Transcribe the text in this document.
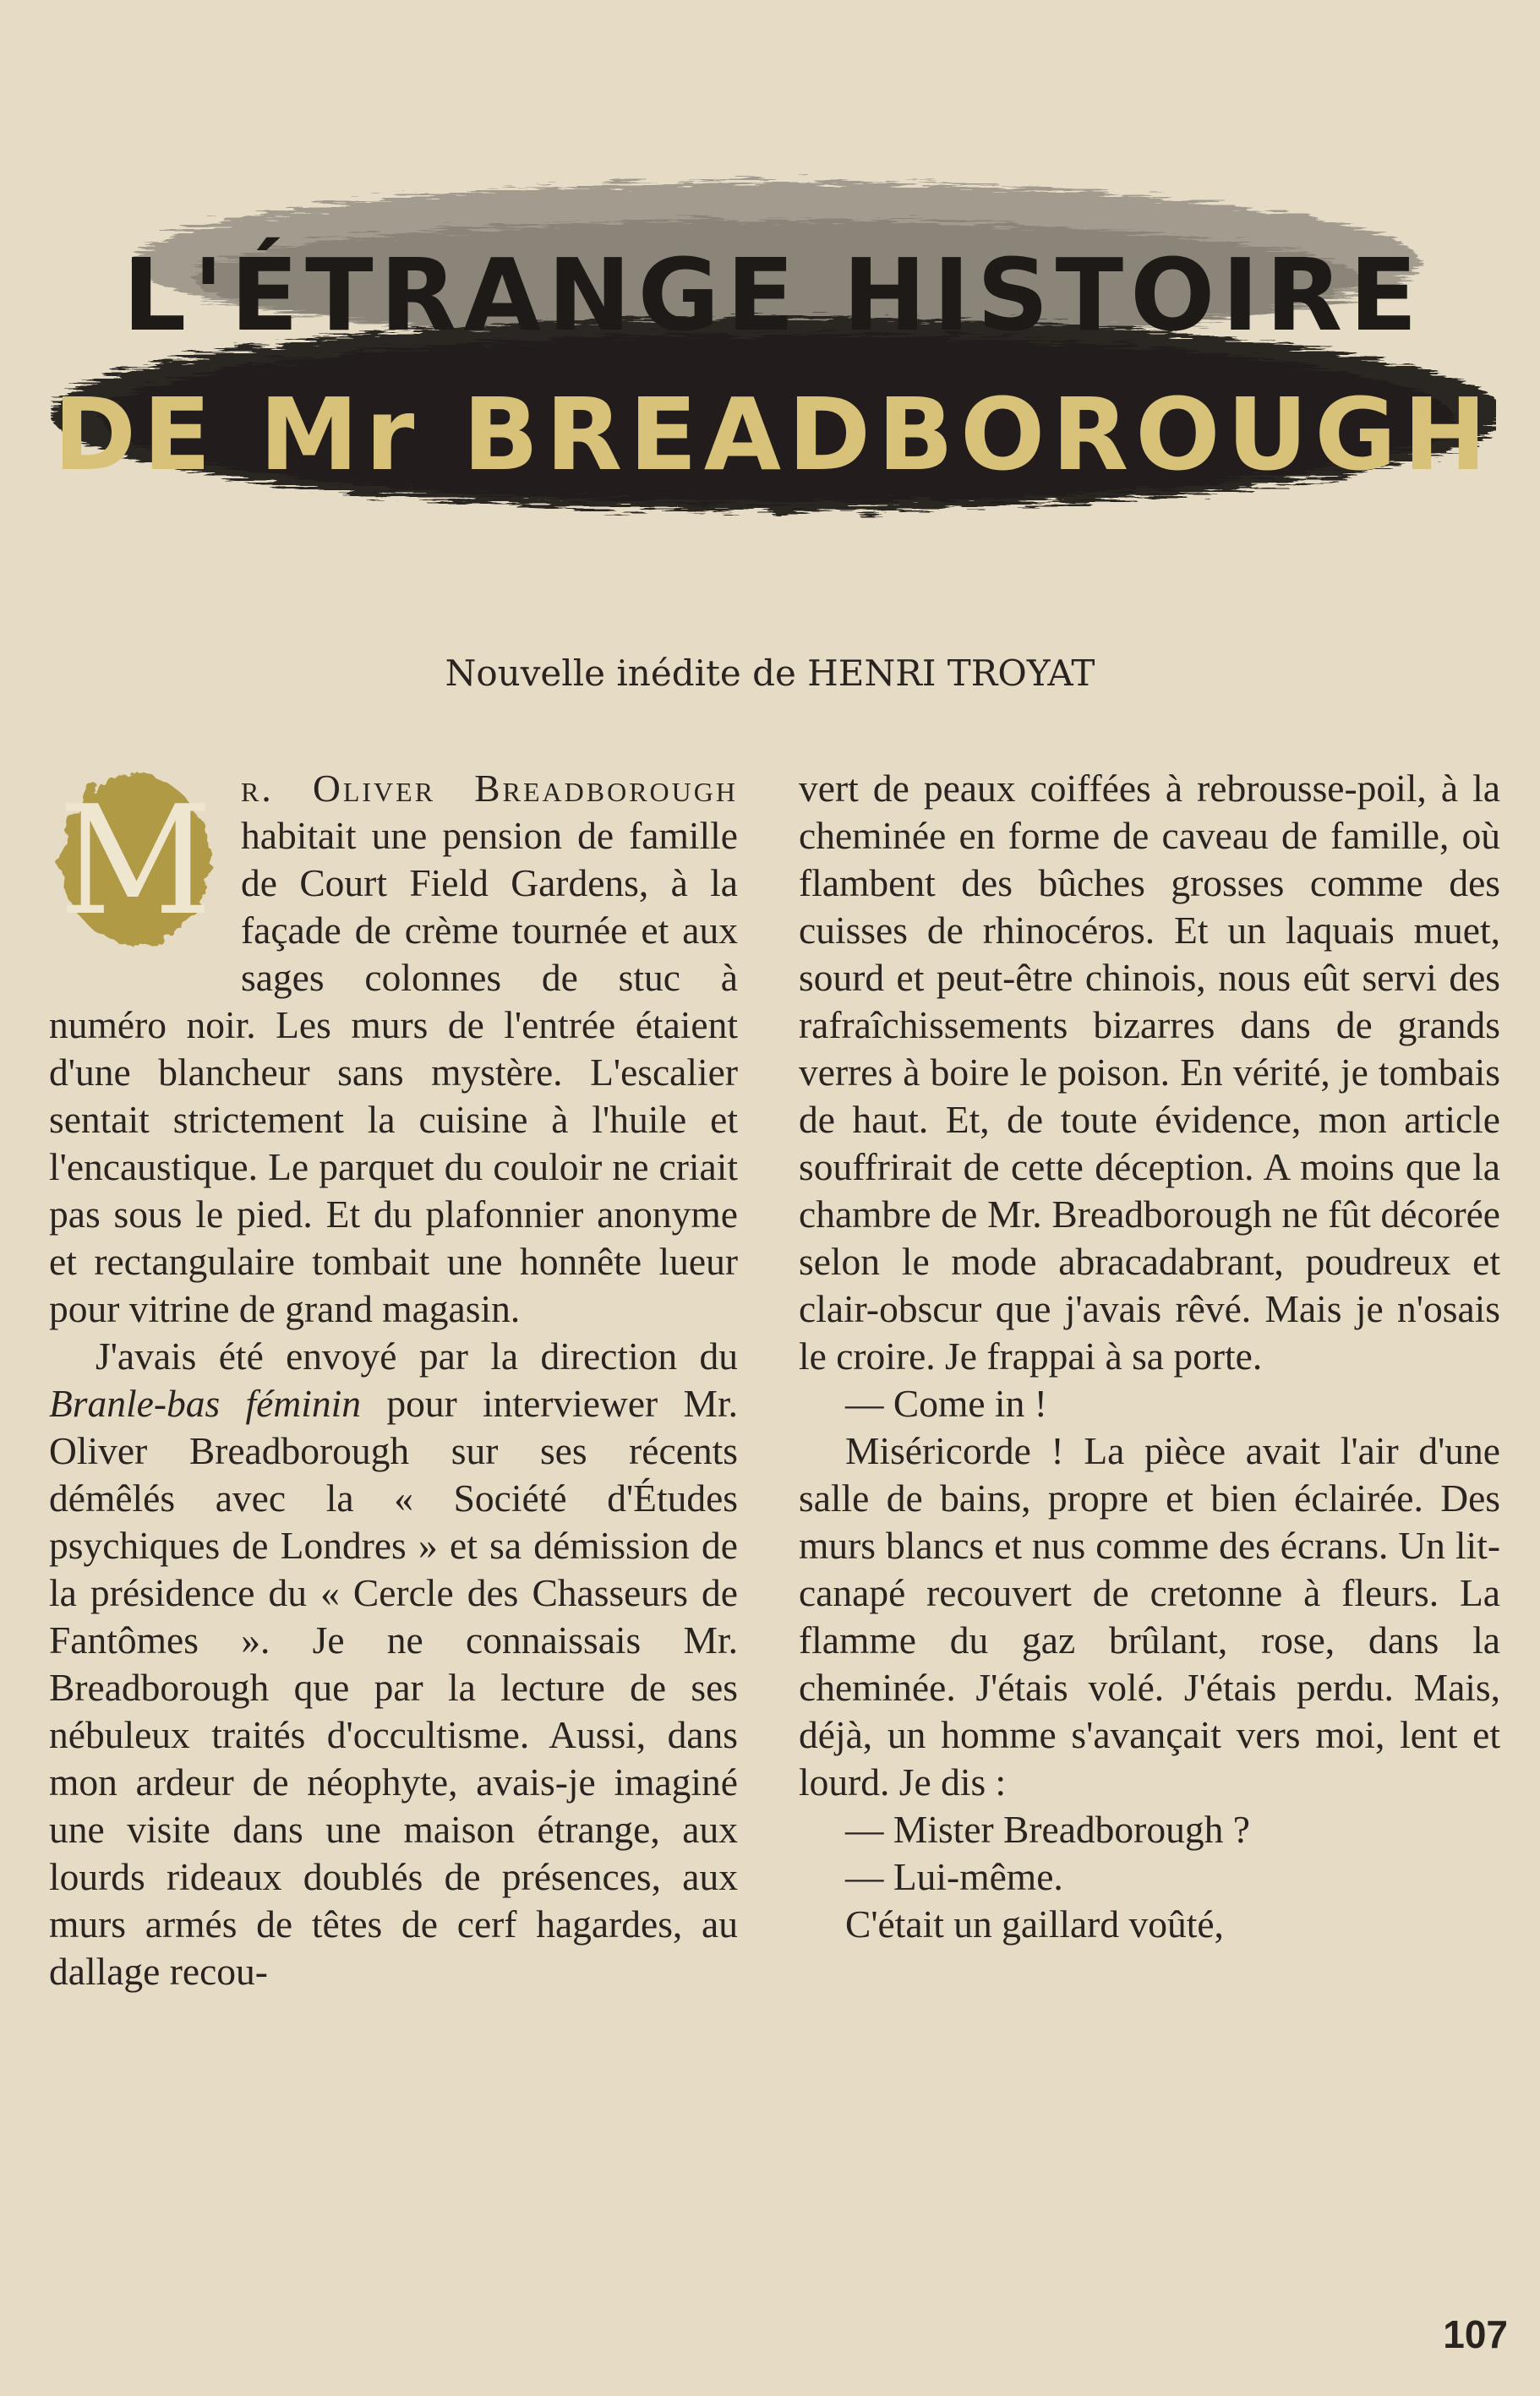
L'ÉTRANGE HISTOIRE
DE Mr BREADBOROUGH
Nouvelle inédite de HENRI TROYAT
M r. Oliver Breadborough habitait une pension de famille de Court Field Gardens, à la façade de crème tournée et aux sages colonnes de stuc à numéro noir. Les murs de l'entrée étaient d'une blancheur sans mystère. L'escalier sentait strictement la cuisine à l'huile et l'encaustique. Le parquet du couloir ne criait pas sous le pied. Et du plafonnier anonyme et rectangulaire tombait une honnête lueur pour vitrine de grand magasin.

J'avais été envoyé par la direction du Branle-bas féminin pour interviewer Mr. Oliver Breadborough sur ses récents démêlés avec la « Société d'Études psychiques de Londres » et sa démission de la présidence du « Cercle des Chasseurs de Fantômes ». Je ne connaissais Mr. Breadborough que par la lecture de ses nébuleux traités d'occultisme. Aussi, dans mon ardeur de néophyte, avais-je imaginé une visite dans une maison étrange, aux lourds rideaux doublés de présences, aux murs armés de têtes de cerf hagardes, au dallage recou-

vert de peaux coiffées à rebrousse-poil, à la cheminée en forme de caveau de famille, où flambent des bûches grosses comme des cuisses de rhinocéros. Et un laquais muet, sourd et peut-être chinois, nous eût servi des rafraîchissements bizarres dans de grands verres à boire le poison. En vérité, je tombais de haut. Et, de toute évidence, mon article souffrirait de cette déception. A moins que la chambre de Mr. Breadborough ne fût décorée selon le mode abracadabrant, poudreux et clair-obscur que j'avais rêvé. Mais je n'osais le croire. Je frappai à sa porte.

— Come in !

Miséricorde ! La pièce avait l'air d'une salle de bains, propre et bien éclairée. Des murs blancs et nus comme des écrans. Un lit-canapé recouvert de cretonne à fleurs. La flamme du gaz brûlant, rose, dans la cheminée. J'étais volé. J'étais perdu. Mais, déjà, un homme s'avançait vers moi, lent et lourd. Je dis :

— Mister Breadborough ?

— Lui-même.

C'était un gaillard voûté,

107
